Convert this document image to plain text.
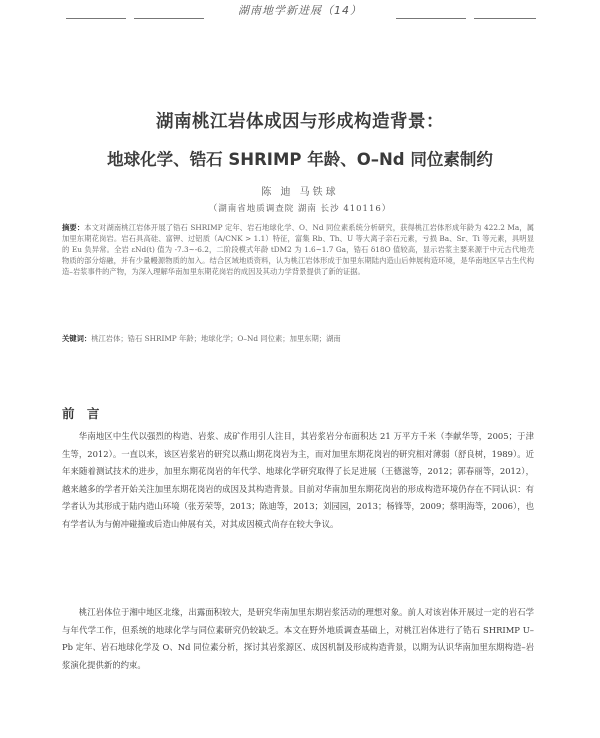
湖南地学新进展（14）
湖南桃江岩体成因与形成构造背景：
地球化学、锆石 SHRIMP 年龄、O–Nd 同位素制约
陈 迪 马铁球
（湖南省地质调查院 湖南 长沙 410116）

摘要：本文对湖南桃江岩体开展了锆石 SHRIMP 定年、岩石地球化学、O、Nd 同位素系统分析研究，获得桃江岩体形成年龄为 422.2 Ma，属加里东期花岗岩。岩石具高硅、富钾、过铝质（A/CNK > 1.1）特征，富集 Rb、Th、U 等大离子亲石元素，亏损 Ba、Sr、Ti 等元素，具明显的 Eu 负异常。全岩 εNd(t) 值为 -7.3~-6.2，二阶段模式年龄 tDM2 为 1.6~1.7 Ga，锆石 δ18O 值较高，显示岩浆主要来源于中元古代地壳物质的部分熔融，并有少量幔源物质的加入。结合区域地质资料，认为桃江岩体形成于加里东期陆内造山后伸展构造环境，是华南地区早古生代构造–岩浆事件的产物，为深入理解华南加里东期花岗岩的成因及其动力学背景提供了新的证据。

关键词：桃江岩体；锆石 SHRIMP 年龄；地球化学；O–Nd 同位素；加里东期；湖南

前 言

华南地区中生代以强烈的构造、岩浆、成矿作用引人注目，其岩浆岩分布面积达 21 万平方千米（李献华等，2005；于津生等，2012）。一直以来，该区岩浆岩的研究以燕山期花岗岩为主，而对加里东期花岗岩的研究相对薄弱（舒良树，1989）。近年来随着测试技术的进步，加里东期花岗岩的年代学、地球化学研究取得了长足进展（王德滋等，2012；郭春丽等，2012），越来越多的学者开始关注加里东期花岗岩的成因及其构造背景。目前对华南加里东期花岗岩的形成构造环境仍存在不同认识：有学者认为其形成于陆内造山环境（张芳荣等，2013；陈迪等，2013；刘园园，2013；杨锋等，2009；蔡明海等，2006），也有学者认为与俯冲碰撞或后造山伸展有关，对其成因模式尚存在较大争议。

桃江岩体位于湘中地区北缘，出露面积较大，是研究华南加里东期岩浆活动的理想对象。前人对该岩体开展过一定的岩石学与年代学工作，但系统的地球化学与同位素研究仍较缺乏。本文在野外地质调查基础上，对桃江岩体进行了锆石 SHRIMP U–Pb 定年、岩石地球化学及 O、Nd 同位素分析，探讨其岩浆源区、成因机制及形成构造背景，以期为认识华南加里东期构造–岩浆演化提供新的约束。
